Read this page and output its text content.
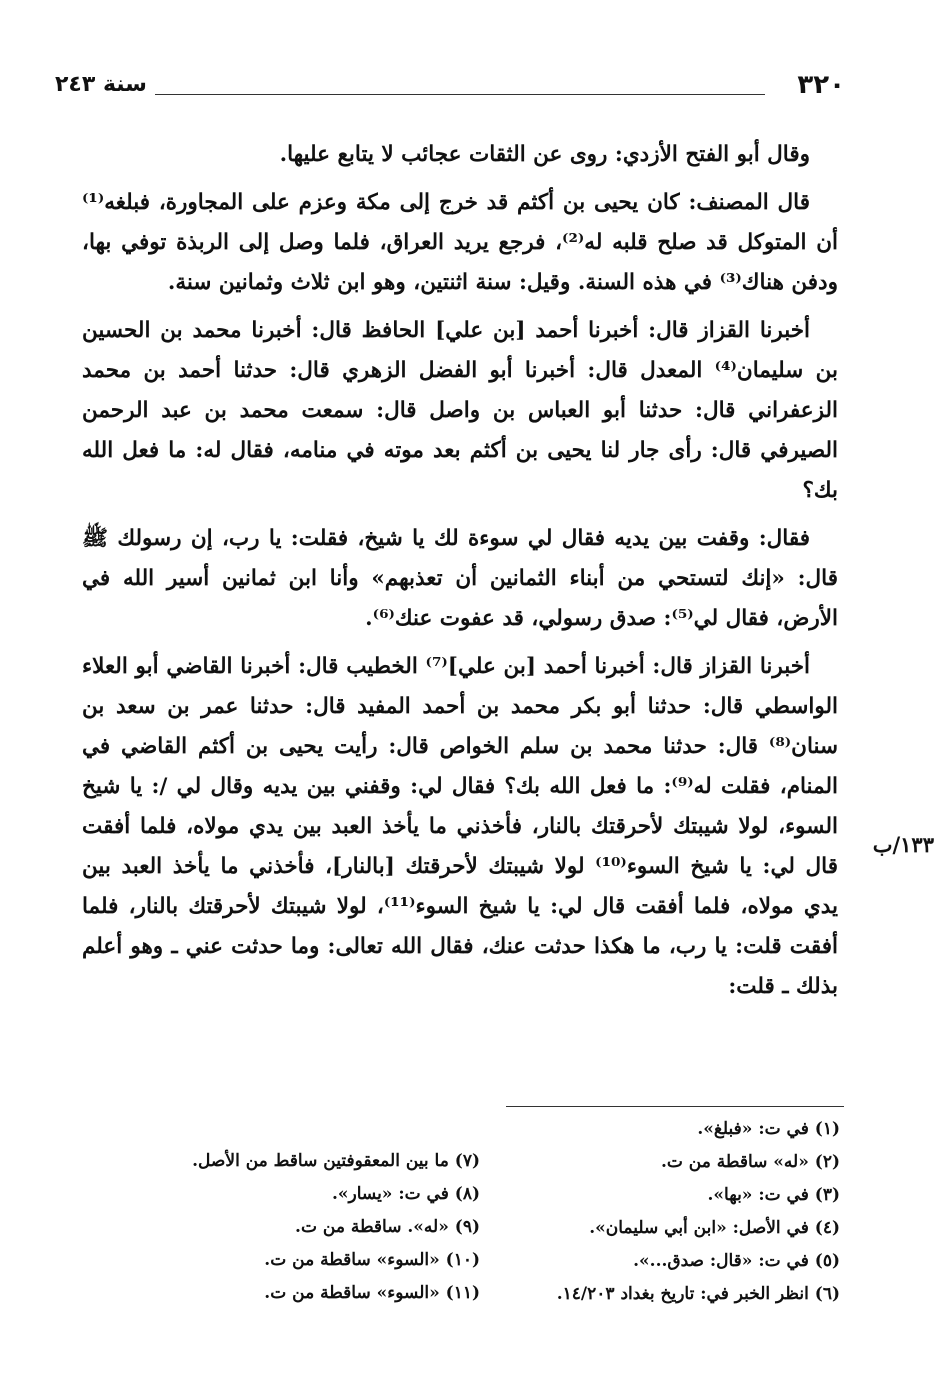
٣٢٠
سنة ٢٤٣

وقال أبو الفتح الأزدي: روى عن الثقات عجائب لا يتابع عليها.

قال المصنف: كان يحيى بن أكثم قد خرج إلى مكة وعزم على المجاورة، فبلغه⁽¹⁾ أن المتوكل قد صلح قلبه له⁽²⁾، فرجع يريد العراق، فلما وصل إلى الربذة توفي بها، ودفن هناك⁽³⁾ في هذه السنة. وقيل: سنة اثنتين، وهو ابن ثلاث وثمانين سنة.

أخبرنا القزاز قال: أخبرنا أحمد [بن علي] الحافظ قال: أخبرنا محمد بن الحسين بن سليمان⁽⁴⁾ المعدل قال: أخبرنا أبو الفضل الزهري قال: حدثنا أحمد بن محمد الزعفراني قال: حدثنا أبو العباس بن واصل قال: سمعت محمد بن عبد الرحمن الصيرفي قال: رأى جار لنا يحيى بن أكثم بعد موته في منامه، فقال له: ما فعل الله بك؟

فقال: وقفت بين يديه فقال لي سوءة لك يا شيخ، فقلت: يا رب، إن رسولك ﷺ قال: «إنك لتستحي من أبناء الثمانين أن تعذبهم» وأنا ابن ثمانين أسير الله في الأرض، فقال لي⁽⁵⁾: صدق رسولي، قد عفوت عنك⁽⁶⁾.

أخبرنا القزاز قال: أخبرنا أحمد [بن علي]⁽⁷⁾ الخطيب قال: أخبرنا القاضي أبو العلاء الواسطي قال: حدثنا أبو بكر محمد بن أحمد المفيد قال: حدثنا عمر بن سعد بن سنان⁽⁸⁾ قال: حدثنا محمد بن سلم الخواص قال: رأيت يحيى بن أكثم القاضي في المنام، فقلت له⁽⁹⁾: ما فعل الله بك؟ فقال لي: وقفني بين يديه وقال لي /: يا شيخ السوء، لولا شيبتك لأحرقتك بالنار، فأخذني ما يأخذ العبد بين يدي مولاه، فلما أفقت قال لي: يا شيخ السوء⁽¹⁰⁾ لولا شيبتك لأحرقتك [بالنار]، فأخذني ما يأخذ العبد بين يدي مولاه، فلما أفقت قال لي: يا شيخ السوء⁽¹¹⁾، لولا شيبتك لأحرقتك بالنار، فلما أفقت قلت: يا رب، ما هكذا حدثت عنك، فقال الله تعالى: وما حدثت عني ـ وهو أعلم بذلك ـ قلت:

١٣٣/ب
(١) في ت: «فبلغ».
(٢) «له» ساقطة من ت.
(٣) في ت: «بها».
(٤) في الأصل: «ابن أبي سليمان».
(٥) في ت: «قال: صدق...».
(٦) انظر الخبر في: تاريخ بغداد ١٤/٢٠٣.
(٧) ما بين المعقوفتين ساقط من الأصل.
(٨) في ت: «يسار».
(٩) «له». ساقطة من ت.
(١٠) «السوء» ساقطة من ت.
(١١) «السوء» ساقطة من ت.
